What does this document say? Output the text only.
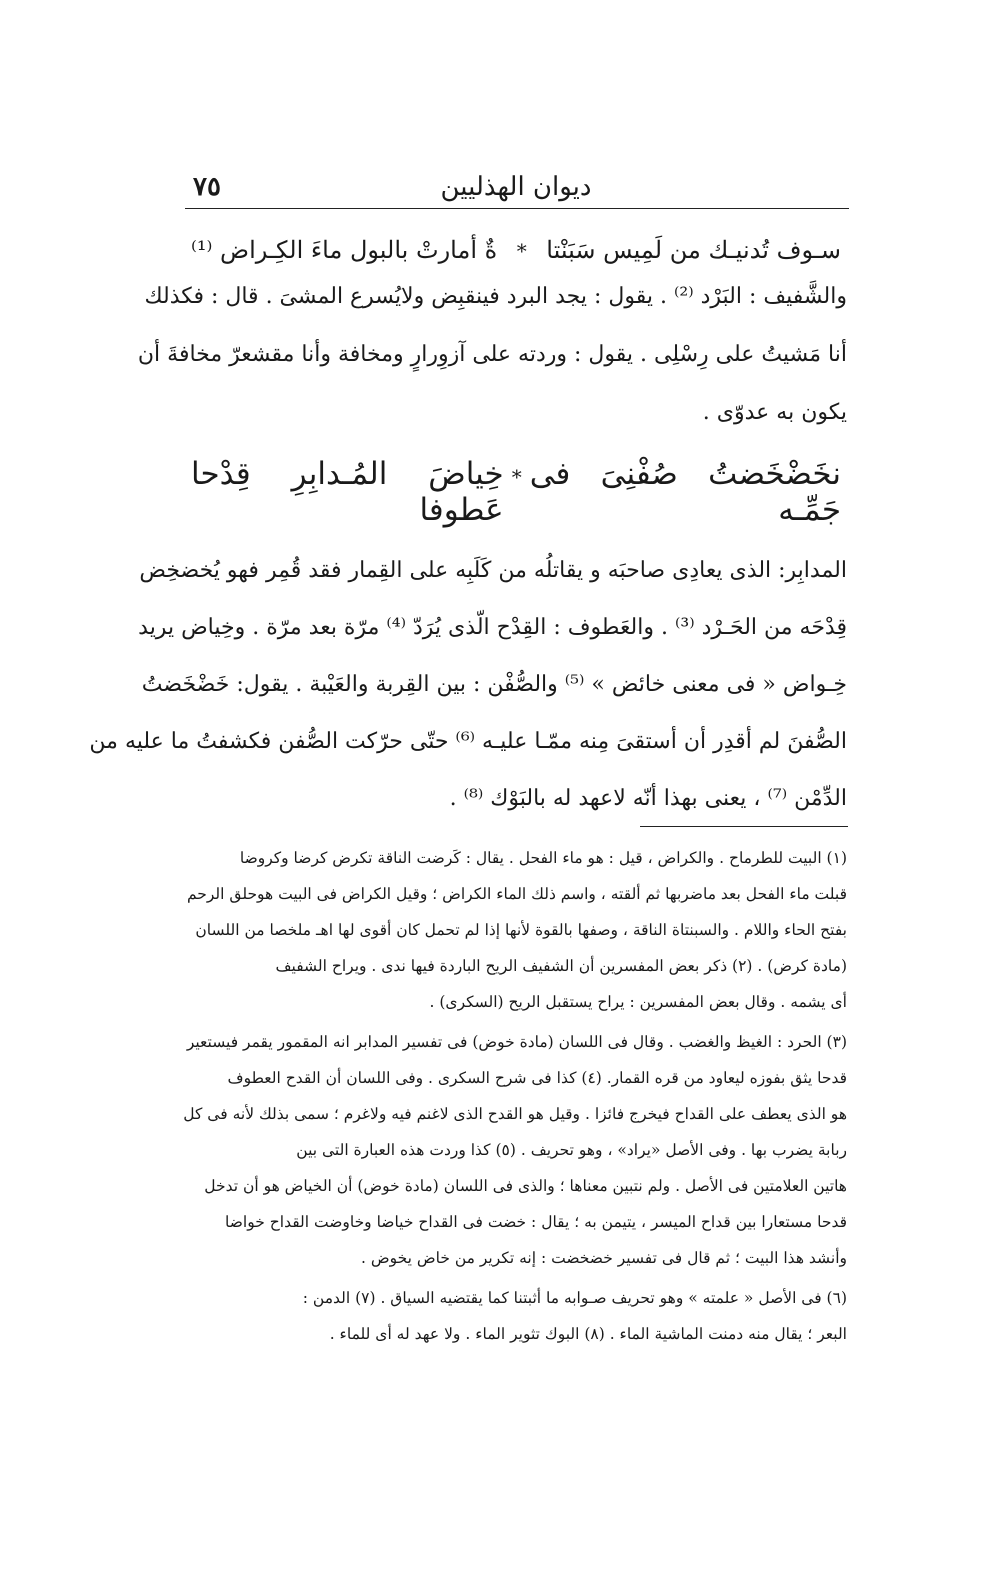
٧٥	ديوان الهذليين
سـوف تُدنيـك من لَمِيس سَبَنْتا
*
ةٌ أمارتْ بالبول ماءَ الكِـراض ⁽¹⁾
والشَّفيف : البَرْد ⁽²⁾ . يقول : يجد البرد فينقبِض ولايُسرع المشىَ . قال : فكذلك
أنا مَشيتُ على رِسْلِى . يقول : وردته على آزوِرارٍ ومخافة وأنا مقشعرّ مخافةَ أن
يكون به عدوّى .
نخَضْخَضتُ صُفْنِىَ فى جَمِّـه
*
خِياضَ المُـدابِرِ قِدْحا عَطوفا
المدابِر: الذى يعادِى صاحبَه و يقاتلُه من كَلَبِه على القِمار فقد قُمِر فهو يُخضخِض
قِدْحَه من الحَـرْد ⁽³⁾ . والعَطوف : القِدْح الّذى يُرَدّ ⁽⁴⁾ مرّة بعد مرّة . وخِياض يريد
خِـواض « فى معنى خائض » ⁽⁵⁾ والصُّفْن : بين القِربة والعَيْبة . يقول: خَضْخَضتُ
الصُّفنَ لم أقدِر أن أستقىَ مِنه ممّـا عليـه ⁽⁶⁾ حتّى حرّكت الصُّفن فكشفتُ ما عليه من
الدِّمْن ⁽⁷⁾ ، يعنى بهذا أنّه لاعهد له بالبَوْك ⁽⁸⁾ .
(١) البيت للطرماح . والكراض ، قيل : هو ماء الفحل . يقال : كَرضت الناقة تكرض كرضا وكروضا
قبلت ماء الفحل بعد ماضربها ثم ألقته ، واسم ذلك الماء الكراض ؛ وقيل الكراض فى البيت هوحلق الرحم
بفتح الحاء واللام . والسبنتاة الناقة ، وصفها بالقوة لأنها إذا لم تحمل كان أقوى لها اهـ ملخصا من اللسان
(مادة كرض) . (٢) ذكر بعض المفسرين أن الشفيف الريح الباردة فيها ندى . ويراح الشفيف
أى يشمه . وقال بعض المفسرين : يراح يستقبل الريح (السكرى) .
(٣) الحرد : الغيظ والغضب . وقال فى اللسان (مادة خوض) فى تفسير المدابر انه المقمور يقمر فيستعير
قدحا يثق بفوزه ليعاود من قره القمار. (٤) كذا فى شرح السكرى . وفى اللسان أن القدح العطوف
هو الذى يعطف على القداح فيخرج فائزا . وقيل هو القدح الذى لاغنم فيه ولاغرم ؛ سمى بذلك لأنه فى كل
ربابة يضرب بها . وفى الأصل «يراد» ، وهو تحريف . (٥) كذا وردت هذه العبارة التى بين
هاتين العلامتين فى الأصل . ولم نتبين معناها ؛ والذى فى اللسان (مادة خوض) أن الخياض هو أن تدخل
قدحا مستعارا بين قداح الميسر ، يتيمن به ؛ يقال : خضت فى القداح خياضا وخاوضت القداح خواضا
وأنشد هذا البيت ؛ ثم قال فى تفسير خضخضت : إنه تكرير من خاض يخوض .
(٦) فى الأصل « علمته » وهو تحريف صـوابه ما أثبتنا كما يقتضيه السياق . (٧) الدمن :
البعر ؛ يقال منه دمنت الماشية الماء . (٨) البوك تثوير الماء . ولا عهد له أى للماء .
